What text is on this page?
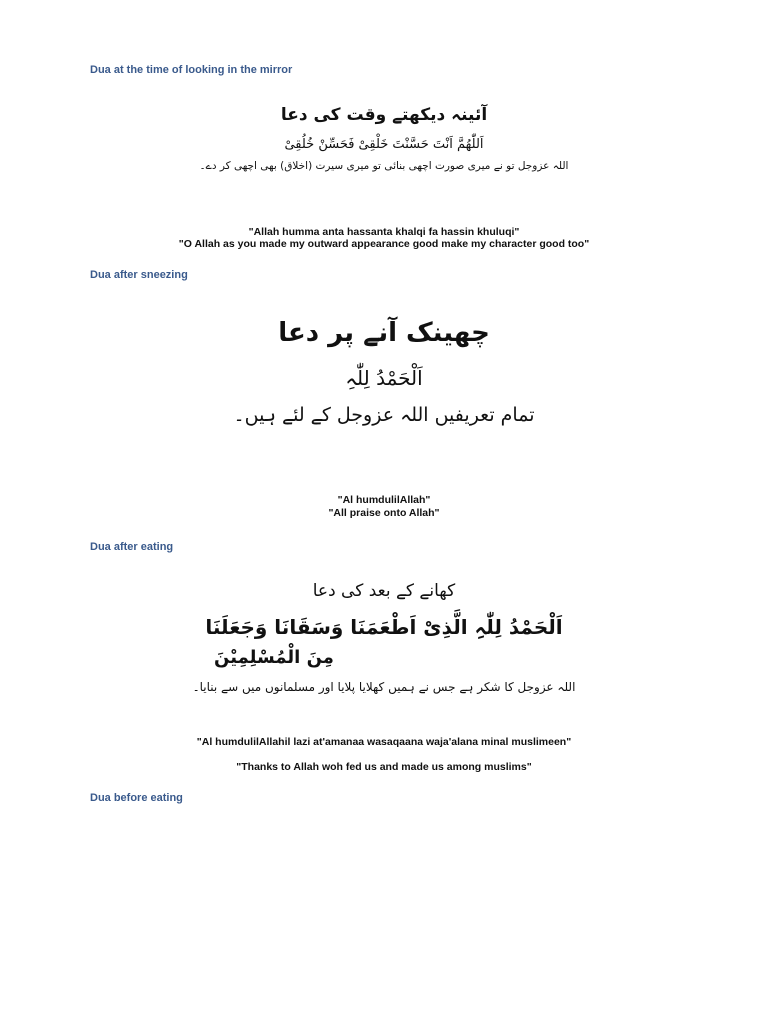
Dua at the time of looking in the mirror
آئینہ دیکھتے وقت کی دعا
اَللّٰھُمَّ اَنْتَ حَسَّنْتَ خَلْقِیْ فَحَسِّنْ خُلُقِیْ
اللہ عزوجل تو نے میری صورت اچھی بنائی تو میری سیرت (اخلاق) بھی اچھی کر دے۔
"Allah humma anta hassanta khalqi fa hassin khuluqi"
"O Allah as you made my outward appearance good make my character good too"
Dua after sneezing
چھینک آنے پر دعا
اَلْحَمْدُ لِلّٰہِ
تمام تعریفیں اللہ عزوجل کے لئے ہیں۔
"Al humdulilAllah"
"All praise onto Allah"
Dua after eating
کھانے کے بعد کی دعا
اَلْحَمْدُ لِلّٰہِ الَّذِیْ اَطْعَمَنَا وَسَقَانَا وَجَعَلَنَا
مِنَ الْمُسْلِمِیْنَ
اللہ عزوجل کا شکر ہے جس نے ہمیں کھلایا پلایا اور مسلمانوں میں سے بنایا۔
"Al humdulilAllahil lazi at'amanaa wasaqaana waja'alana minal muslimeen"
"Thanks to Allah woh fed us and made us among muslims"
Dua before eating
